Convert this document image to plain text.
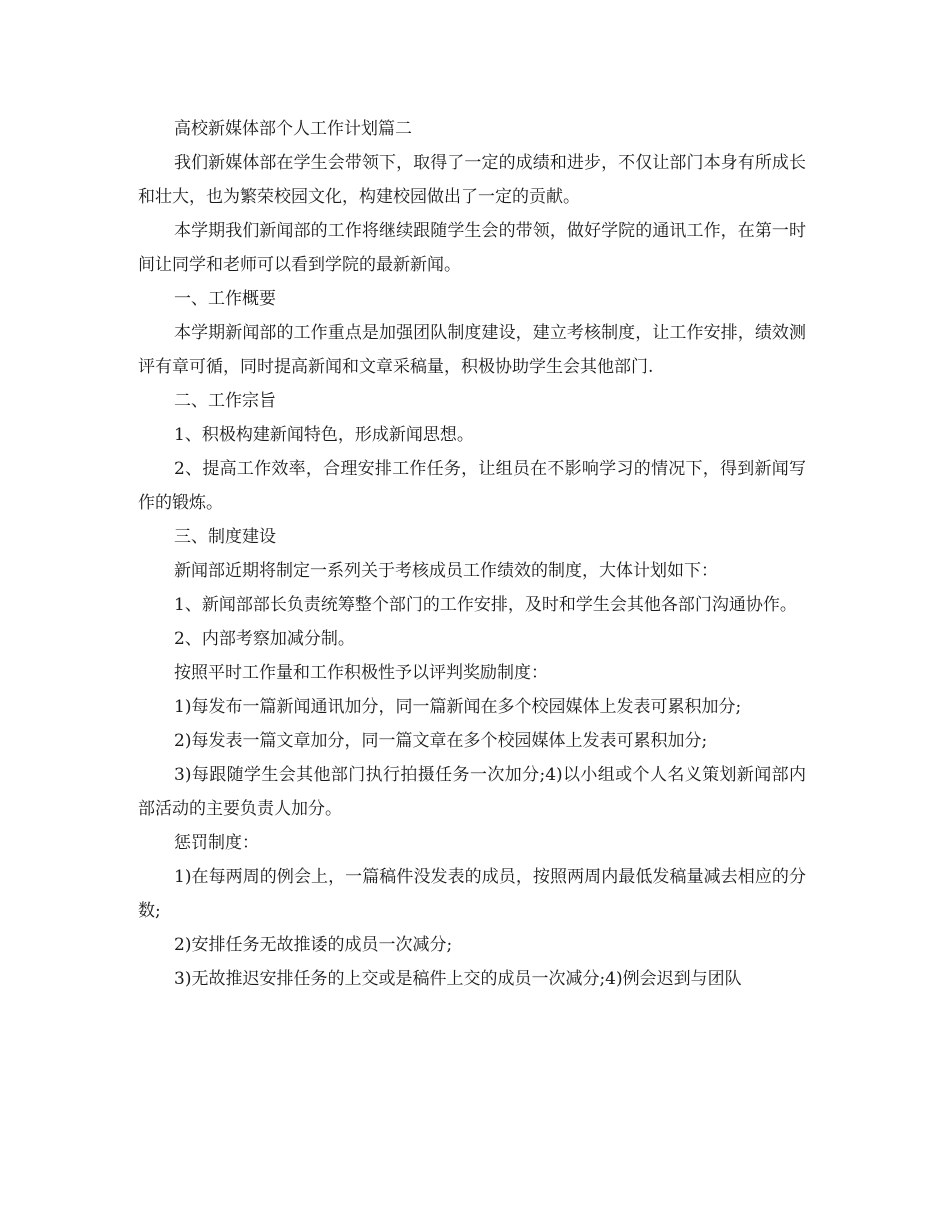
高校新媒体部个人工作计划篇二

我们新媒体部在学生会带领下，取得了一定的成绩和进步，不仅让部门本身有所成长和壮大，也为繁荣校园文化，构建校园做出了一定的贡献。

本学期我们新闻部的工作将继续跟随学生会的带领，做好学院的通讯工作，在第一时间让同学和老师可以看到学院的最新新闻。

一、工作概要

本学期新闻部的工作重点是加强团队制度建设，建立考核制度，让工作安排，绩效测评有章可循，同时提高新闻和文章采稿量，积极协助学生会其他部门.

二、工作宗旨

1、积极构建新闻特色，形成新闻思想。

2、提高工作效率，合理安排工作任务，让组员在不影响学习的情况下，得到新闻写作的锻炼。

三、制度建设

新闻部近期将制定一系列关于考核成员工作绩效的制度，大体计划如下：

1、新闻部部长负责统筹整个部门的工作安排，及时和学生会其他各部门沟通协作。

2、内部考察加减分制。

按照平时工作量和工作积极性予以评判奖励制度：

1)每发布一篇新闻通讯加分，同一篇新闻在多个校园媒体上发表可累积加分;

2)每发表一篇文章加分，同一篇文章在多个校园媒体上发表可累积加分;

3)每跟随学生会其他部门执行拍摄任务一次加分;4)以小组或个人名义策划新闻部内部活动的主要负责人加分。

惩罚制度：

1)在每两周的例会上，一篇稿件没发表的成员，按照两周内最低发稿量减去相应的分数;

2)安排任务无故推诿的成员一次减分;

3)无故推迟安排任务的上交或是稿件上交的成员一次减分;4)例会迟到与团队
